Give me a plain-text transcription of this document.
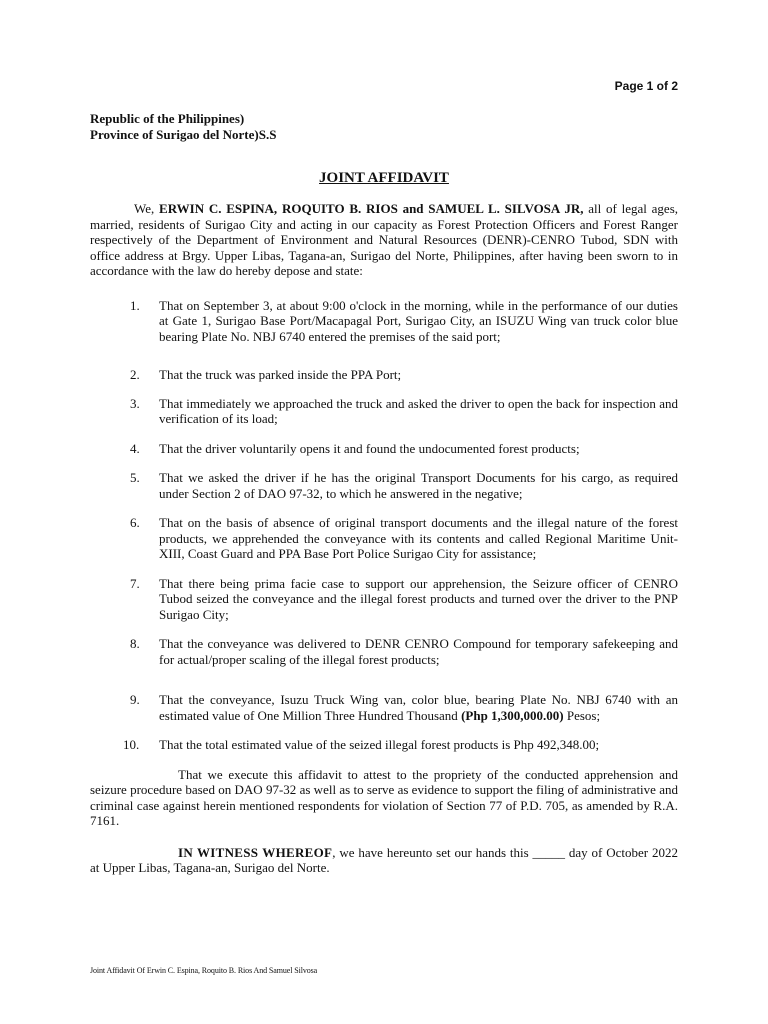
Page 1 of 2
Republic of the Philippines)
Province of Surigao del Norte)S.S
JOINT AFFIDAVIT

We, ERWIN C. ESPINA, ROQUITO B. RIOS and SAMUEL L. SILVOSA JR, all of legal ages, married, residents of Surigao City and acting in our capacity as Forest Protection Officers and Forest Ranger respectively of the Department of Environment and Natural Resources (DENR)-CENRO Tubod, SDN with office address at Brgy. Upper Libas, Tagana-an, Surigao del Norte, Philippines, after having been sworn to in accordance with the law do hereby depose and state:

1. That on September 3, at about 9:00 o'clock in the morning, while in the performance of our duties at Gate 1, Surigao Base Port/Macapagal Port, Surigao City, an ISUZU Wing van truck color blue bearing Plate No. NBJ 6740 entered the premises of the said port;
2. That the truck was parked inside the PPA Port;
3. That immediately we approached the truck and asked the driver to open the back for inspection and verification of its load;
4. That the driver voluntarily opens it and found the undocumented forest products;
5. That we asked the driver if he has the original Transport Documents for his cargo, as required under Section 2 of DAO 97-32, to which he answered in the negative;
6. That on the basis of absence of original transport documents and the illegal nature of the forest products, we apprehended the conveyance with its contents and called Regional Maritime Unit-XIII, Coast Guard and PPA Base Port Police Surigao City for assistance;
7. That there being prima facie case to support our apprehension, the Seizure officer of CENRO Tubod seized the conveyance and the illegal forest products and turned over the driver to the PNP Surigao City;
8. That the conveyance was delivered to DENR CENRO Compound for temporary safekeeping and for actual/proper scaling of the illegal forest products;
9. That the conveyance, Isuzu Truck Wing van, color blue, bearing Plate No. NBJ 6740 with an estimated value of One Million Three Hundred Thousand (Php 1,300,000.00) Pesos;
10. That the total estimated value of the seized illegal forest products is Php 492,348.00;

That we execute this affidavit to attest to the propriety of the conducted apprehension and seizure procedure based on DAO 97-32 as well as to serve as evidence to support the filing of administrative and criminal case against herein mentioned respondents for violation of Section 77 of P.D. 705, as amended by R.A. 7161.

IN WITNESS WHEREOF, we have hereunto set our hands this _____ day of October 2022 at Upper Libas, Tagana-an, Surigao del Norte.

Joint Affidavit Of Erwin C. Espina, Roquito B. Rios And Samuel Silvosa
